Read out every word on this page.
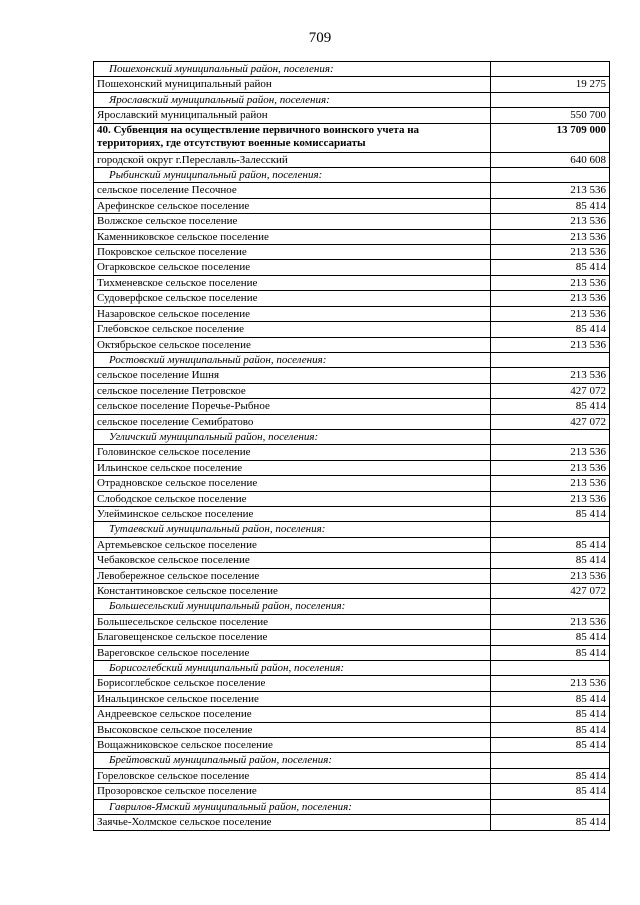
709
Пошехонский муниципальный район, поселения:	
Пошехонский муниципальный район	19 275
Ярославский муниципальный район, поселения:	
Ярославский муниципальный район	550 700
40. Субвенция на осуществление первичного воинского учета на территориях, где отсутствуют военные комиссариаты	13 709 000
городской округ г.Переславль-Залесский	640 608
Рыбинский муниципальный район, поселения:	
сельское поселение Песочное	213 536
Арефинское сельское поселение	85 414
Волжское сельское поселение	213 536
Каменниковское сельское поселение	213 536
Покровское сельское поселение	213 536
Огарковское сельское поселение	85 414
Тихменевское сельское поселение	213 536
Судоверфское сельское поселение	213 536
Назаровское сельское поселение	213 536
Глебовское сельское поселение	85 414
Октябрьское сельское поселение	213 536
Ростовский муниципальный район, поселения:	
сельское поселение Ишня	213 536
сельское поселение Петровское	427 072
сельское поселение Поречье-Рыбное	85 414
сельское поселение Семибратово	427 072
Угличский муниципальный район, поселения:	
Головинское сельское поселение	213 536
Ильинское сельское поселение	213 536
Отрадновское сельское поселение	213 536
Слободское сельское поселение	213 536
Улейминское сельское поселение	85 414
Тутаевский муниципальный район, поселения:	
Артемьевское сельское поселение	85 414
Чебаковское сельское поселение	85 414
Левобережное сельское поселение	213 536
Константиновское сельское поселение	427 072
Большесельский муниципальный район, поселения:	
Большесельское сельское поселение	213 536
Благовещенское сельское поселение	85 414
Вареговское сельское поселение	85 414
Борисоглебский муниципальный район, поселения:	
Борисоглебское сельское поселение	213 536
Инальцинское сельское поселение	85 414
Андреевское сельское поселение	85 414
Высоковское сельское поселение	85 414
Вощажниковское сельское поселение	85 414
Брейтовский муниципальный район, поселения:	
Гореловское сельское поселение	85 414
Прозоровское сельское поселение	85 414
Гаврилов-Ямский муниципальный район, поселения:	
Заячье-Холмское сельское поселение	85 414
